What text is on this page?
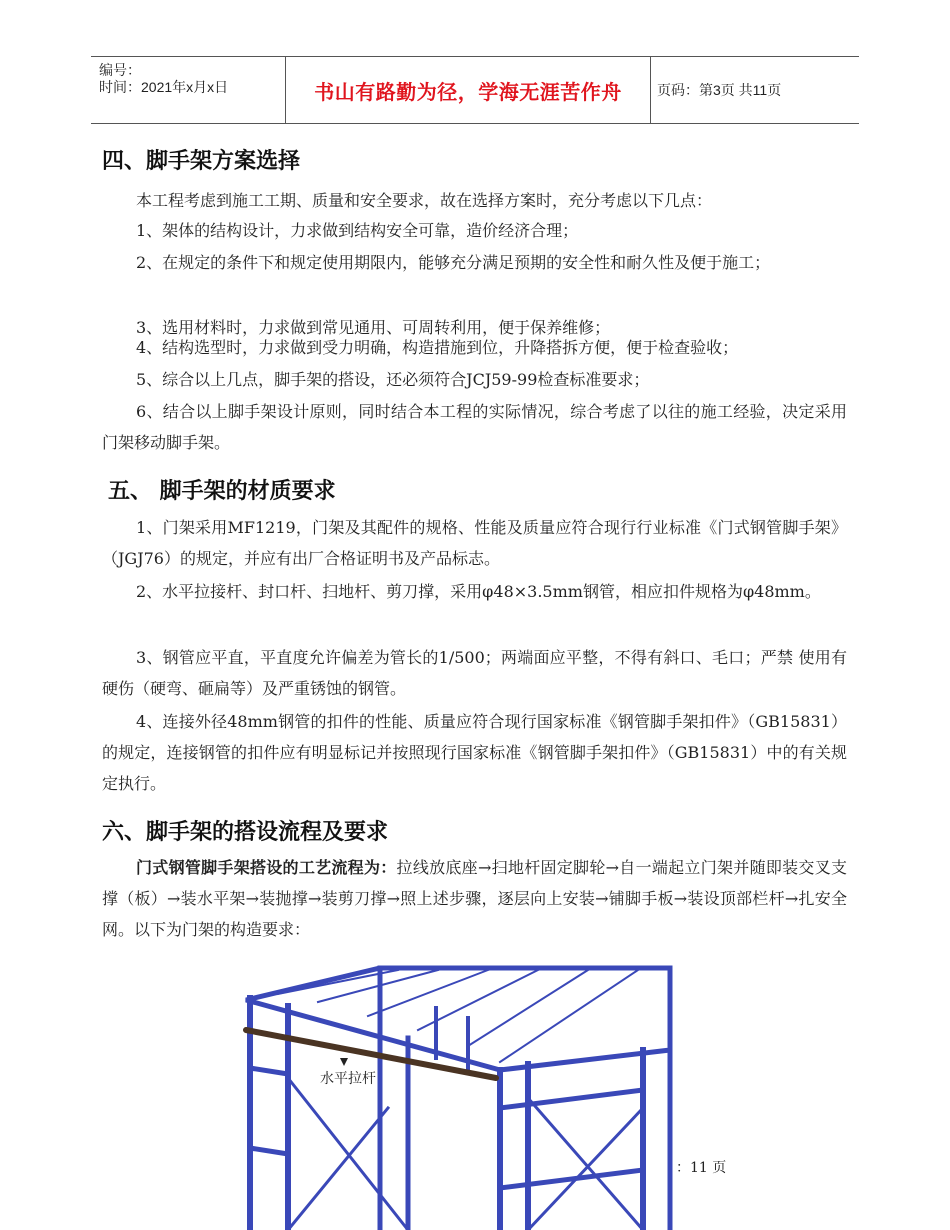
编号：
时间：2021年x月x日	书山有路勤为径，学海无涯苦作舟	页码：第3页 共11页
四、脚手架方案选择

本工程考虑到施工工期、质量和安全要求，故在选择方案时，充分考虑以下几点：

1、架体的结构设计，力求做到结构安全可靠，造价经济合理；

2、在规定的条件下和规定使用期限内，能够充分满足预期的安全性和耐久性及便于施工；

3、选用材料时，力求做到常见通用、可周转利用，便于保养维修；

4、结构选型时，力求做到受力明确，构造措施到位，升降搭拆方便，便于检查验收；

5、综合以上几点，脚手架的搭设，还必须符合JCJ59-99检查标准要求；

6、结合以上脚手架设计原则，同时结合本工程的实际情况，综合考虑了以往的施工经验，决定采用门架移动脚手架。

五、 脚手架的材质要求

1、门架采用MF1219，门架及其配件的规格、性能及质量应符合现行行业标准《门式钢管脚手架》（JGJ76）的规定，并应有出厂合格证明书及产品标志。

2、水平拉接杆、封口杆、扫地杆、剪刀撑，采用φ48×3.5mm钢管，相应扣件规格为φ48mm。

3、钢管应平直，平直度允许偏差为管长的1/500；两端面应平整，不得有斜口、毛口；严禁 使用有硬伤（硬弯、砸扁等）及严重锈蚀的钢管。

4、连接外径48mm钢管的扣件的性能、质量应符合现行国家标准《钢管脚手架扣件》（GB15831）的规定，连接钢管的扣件应有明显标记并按照现行国家标准《钢管脚手架扣件》（GB15831）中的有关规定执行。

六、脚手架的搭设流程及要求

门式钢管脚手架搭设的工艺流程为：拉线放底座→扫地杆固定脚轮→自一端起立门架并随即装交叉支撑（板）→装水平架→装抛撑→装剪刀撑→照上述步骤，逐层向上安装→铺脚手板→装设顶部栏杆→扎安全网。以下为门架的构造要求：

水平拉杆
：11 页
